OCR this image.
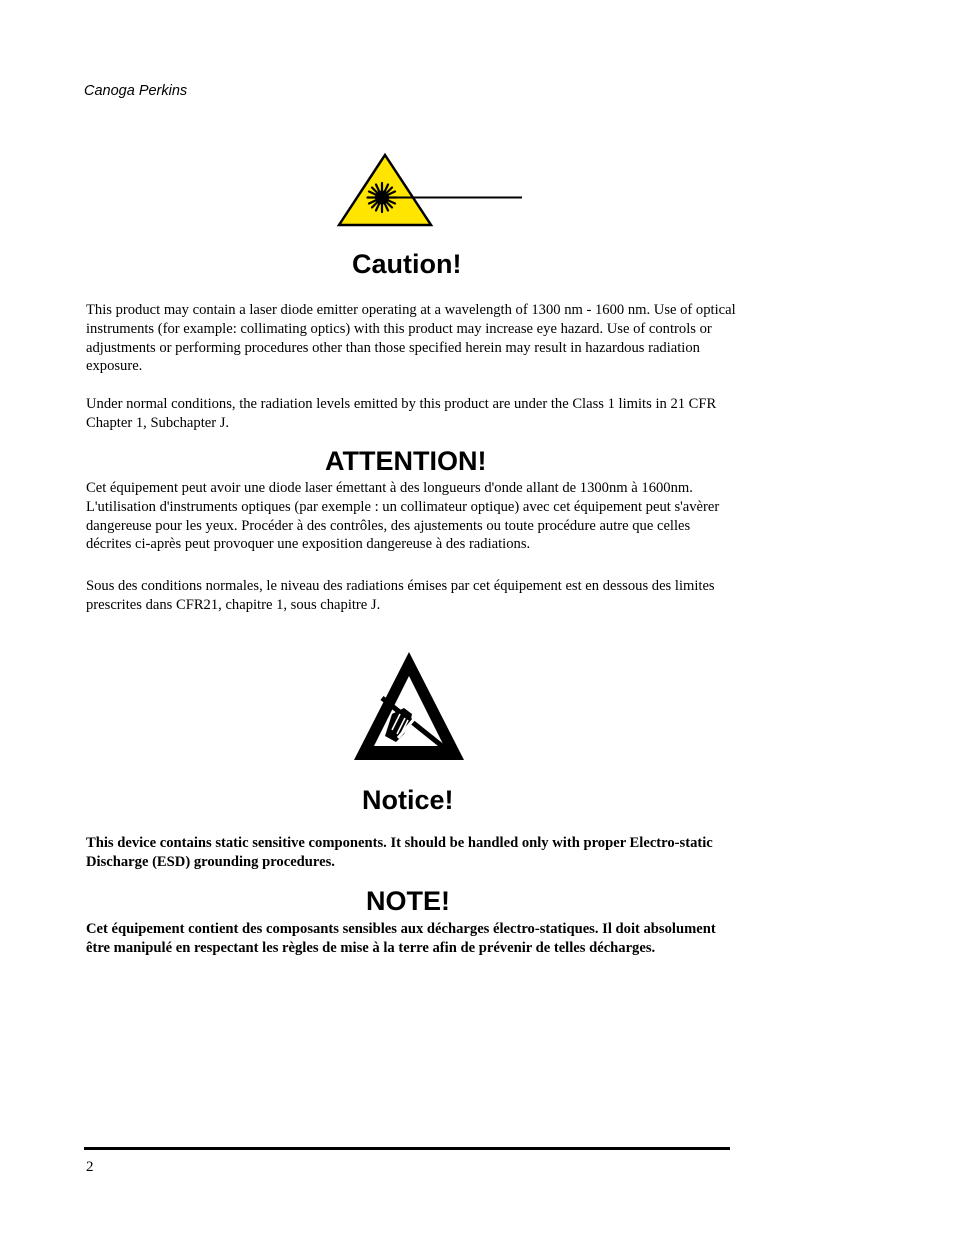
Canoga Perkins
Caution!

This product may contain a laser diode emitter operating at a wavelength of 1300 nm - 1600 nm. Use of optical instruments (for example: collimating optics) with this product may increase eye hazard. Use of controls or adjustments or performing procedures other than those specified herein may result in hazardous radiation exposure.

Under normal conditions, the radiation levels emitted by this product are under the Class 1 limits in 21 CFR Chapter 1, Subchapter J.

ATTENTION!

Cet équipement peut avoir une diode laser émettant à des longueurs d'onde allant de 1300nm à 1600nm. L'utilisation d'instruments optiques (par exemple : un collimateur optique) avec cet équipement peut s'avèrer dangereuse pour les yeux. Procéder à des contrôles, des ajustements ou toute procédure autre que celles décrites ci-après peut provoquer une exposition dangereuse à des radiations.

Sous des conditions normales, le niveau des radiations émises par cet équipement est en dessous des limites prescrites dans CFR21, chapitre 1, sous chapitre J.

Notice!

This device contains static sensitive components. It should be handled only with proper Electro-static Discharge (ESD) grounding procedures.

NOTE!

Cet équipement contient des composants sensibles aux décharges électro-statiques. Il doit absolument être manipulé en respectant les règles de mise à la terre afin de prévenir de telles décharges.

2
